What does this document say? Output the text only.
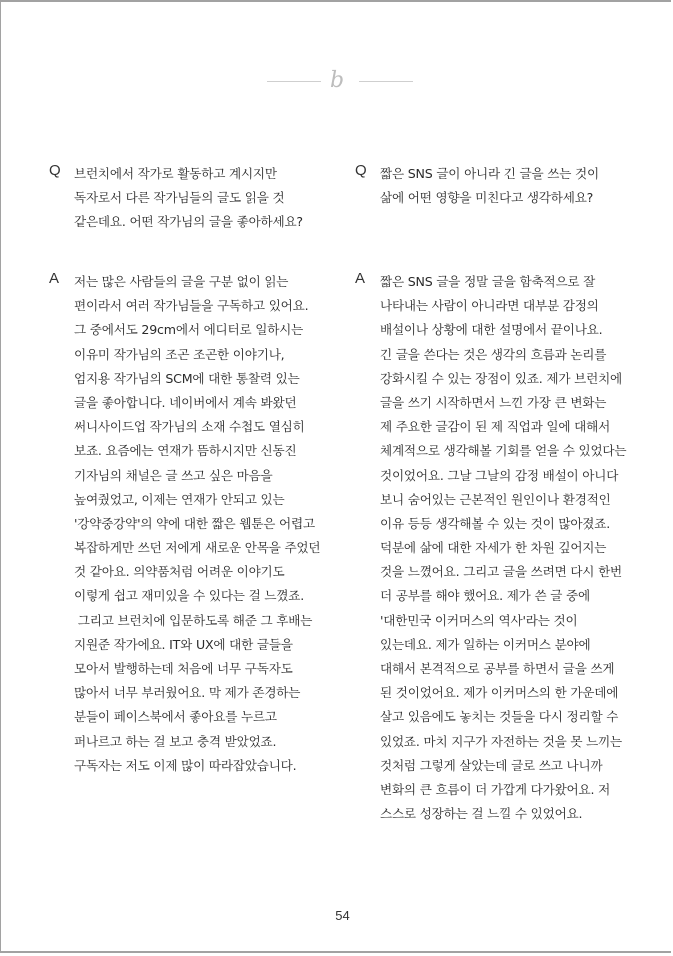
b
Q 브런치에서 작가로 활동하고 계시지만
독자로서 다른 작가님들의 글도 읽을 것
같은데요. 어떤 작가님의 글을 좋아하세요?
A 저는 많은 사람들의 글을 구분 없이 읽는
편이라서 여러 작가님들을 구독하고 있어요.
그 중에서도 29cm에서 에디터로 일하시는
이유미 작가님의 조곤 조곤한 이야기나,
엄지용 작가님의 SCM에 대한 통찰력 있는
글을 좋아합니다. 네이버에서 계속 봐왔던
써니사이드업 작가님의 소재 수첩도 열심히
보죠. 요즘에는 연재가 뜸하시지만 신동진
기자님의 채널은 글 쓰고 싶은 마음을
높여줬었고, 이제는 연재가 안되고 있는
'강약중강약'의 약에 대한 짧은 웹툰은 어렵고
복잡하게만 쓰던 저에게 새로운 안목을 주었던
것 같아요. 의약품처럼 어려운 이야기도
이렇게 쉽고 재미있을 수 있다는 걸 느꼈죠.
그리고 브런치에 입문하도록 해준 그 후배는
지원준 작가에요. IT와 UX에 대한 글들을
모아서 발행하는데 처음에 너무 구독자도
많아서 너무 부러웠어요. 막 제가 존경하는
분들이 페이스북에서 좋아요를 누르고
퍼나르고 하는 걸 보고 충격 받았었죠.
구독자는 저도 이제 많이 따라잡았습니다.
Q 짧은 SNS 글이 아니라 긴 글을 쓰는 것이
삶에 어떤 영향을 미친다고 생각하세요?
A 짧은 SNS 글을 정말 글을 함축적으로 잘
나타내는 사람이 아니라면 대부분 감정의
배설이나 상황에 대한 설명에서 끝이나요.
긴 글을 쓴다는 것은 생각의 흐름과 논리를
강화시킬 수 있는 장점이 있죠. 제가 브런치에
글을 쓰기 시작하면서 느낀 가장 큰 변화는
제 주요한 글감이 된 제 직업과 일에 대해서
체계적으로 생각해볼 기회를 얻을 수 있었다는
것이었어요. 그날 그날의 감정 배설이 아니다
보니 숨어있는 근본적인 원인이나 환경적인
이유 등등 생각해볼 수 있는 것이 많아졌죠.
덕분에 삶에 대한 자세가 한 차원 깊어지는
것을 느꼈어요. 그리고 글을 쓰려면 다시 한번
더 공부를 해야 했어요. 제가 쓴 글 중에
'대한민국 이커머스의 역사'라는 것이
있는데요. 제가 일하는 이커머스 분야에
대해서 본격적으로 공부를 하면서 글을 쓰게
된 것이었어요. 제가 이커머스의 한 가운데에
살고 있음에도 놓치는 것들을 다시 정리할 수
있었죠. 마치 지구가 자전하는 것을 못 느끼는
것처럼 그렇게 살았는데 글로 쓰고 나니까
변화의 큰 흐름이 더 가깝게 다가왔어요. 저
스스로 성장하는 걸 느낄 수 있었어요.
54
